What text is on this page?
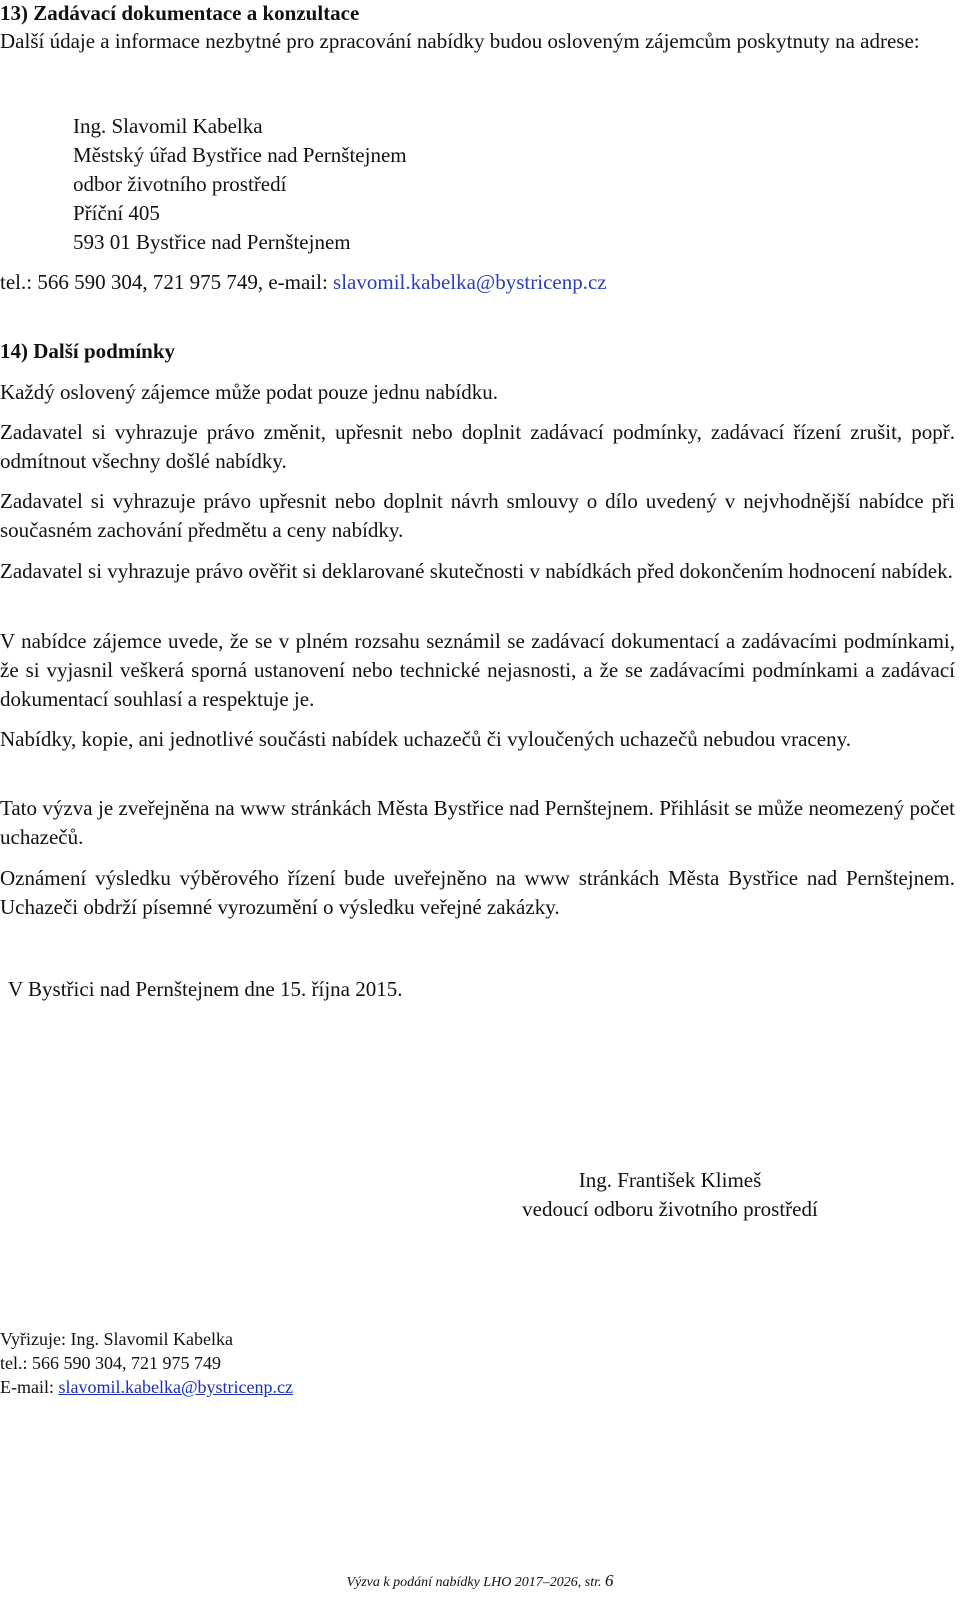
13) Zadávací dokumentace a konzultace
Další údaje a informace nezbytné pro zpracování nabídky budou osloveným zájemcům poskytnuty na adrese:
Ing. Slavomil Kabelka
Městský úřad Bystřice nad Pernštejnem
odbor životního prostředí
Příční 405
593 01 Bystřice nad Pernštejnem
tel.: 566 590 304, 721 975 749, e-mail: slavomil.kabelka@bystricenp.cz
14) Další podmínky
Každý oslovený zájemce může podat pouze jednu nabídku.
Zadavatel si vyhrazuje právo změnit, upřesnit nebo doplnit zadávací podmínky, zadávací řízení zrušit, popř. odmítnout všechny došlé nabídky.
Zadavatel si vyhrazuje právo upřesnit nebo doplnit návrh smlouvy o dílo uvedený v nejvhodnější nabídce při současném zachování předmětu a ceny nabídky.
Zadavatel si vyhrazuje právo ověřit si deklarované skutečnosti v nabídkách před dokončením hodnocení nabídek.
V nabídce zájemce uvede, že se v plném rozsahu seznámil se zadávací dokumentací a zadávacími podmínkami, že si vyjasnil veškerá sporná ustanovení nebo technické nejasnosti, a že se zadávacími podmínkami a zadávací dokumentací souhlasí a respektuje je.
Nabídky, kopie, ani jednotlivé součásti nabídek uchazečů či vyloučených uchazečů nebudou vraceny.
Tato výzva je zveřejněna na www stránkách Města Bystřice nad Pernštejnem. Přihlásit se může neomezený počet uchazečů.
Oznámení výsledku výběrového řízení bude uveřejněno na www stránkách Města Bystřice nad Pernštejnem. Uchazeči obdrží písemné vyrozumění o výsledku veřejné zakázky.
V Bystřici nad Pernštejnem dne 15. října 2015.
Ing. František Klimeš
vedoucí odboru životního prostředí
Vyřizuje: Ing. Slavomil Kabelka
tel.: 566 590 304, 721 975 749
E-mail: slavomil.kabelka@bystricenp.cz
Výzva k podání nabídky LHO 2017–2026, str. 6
